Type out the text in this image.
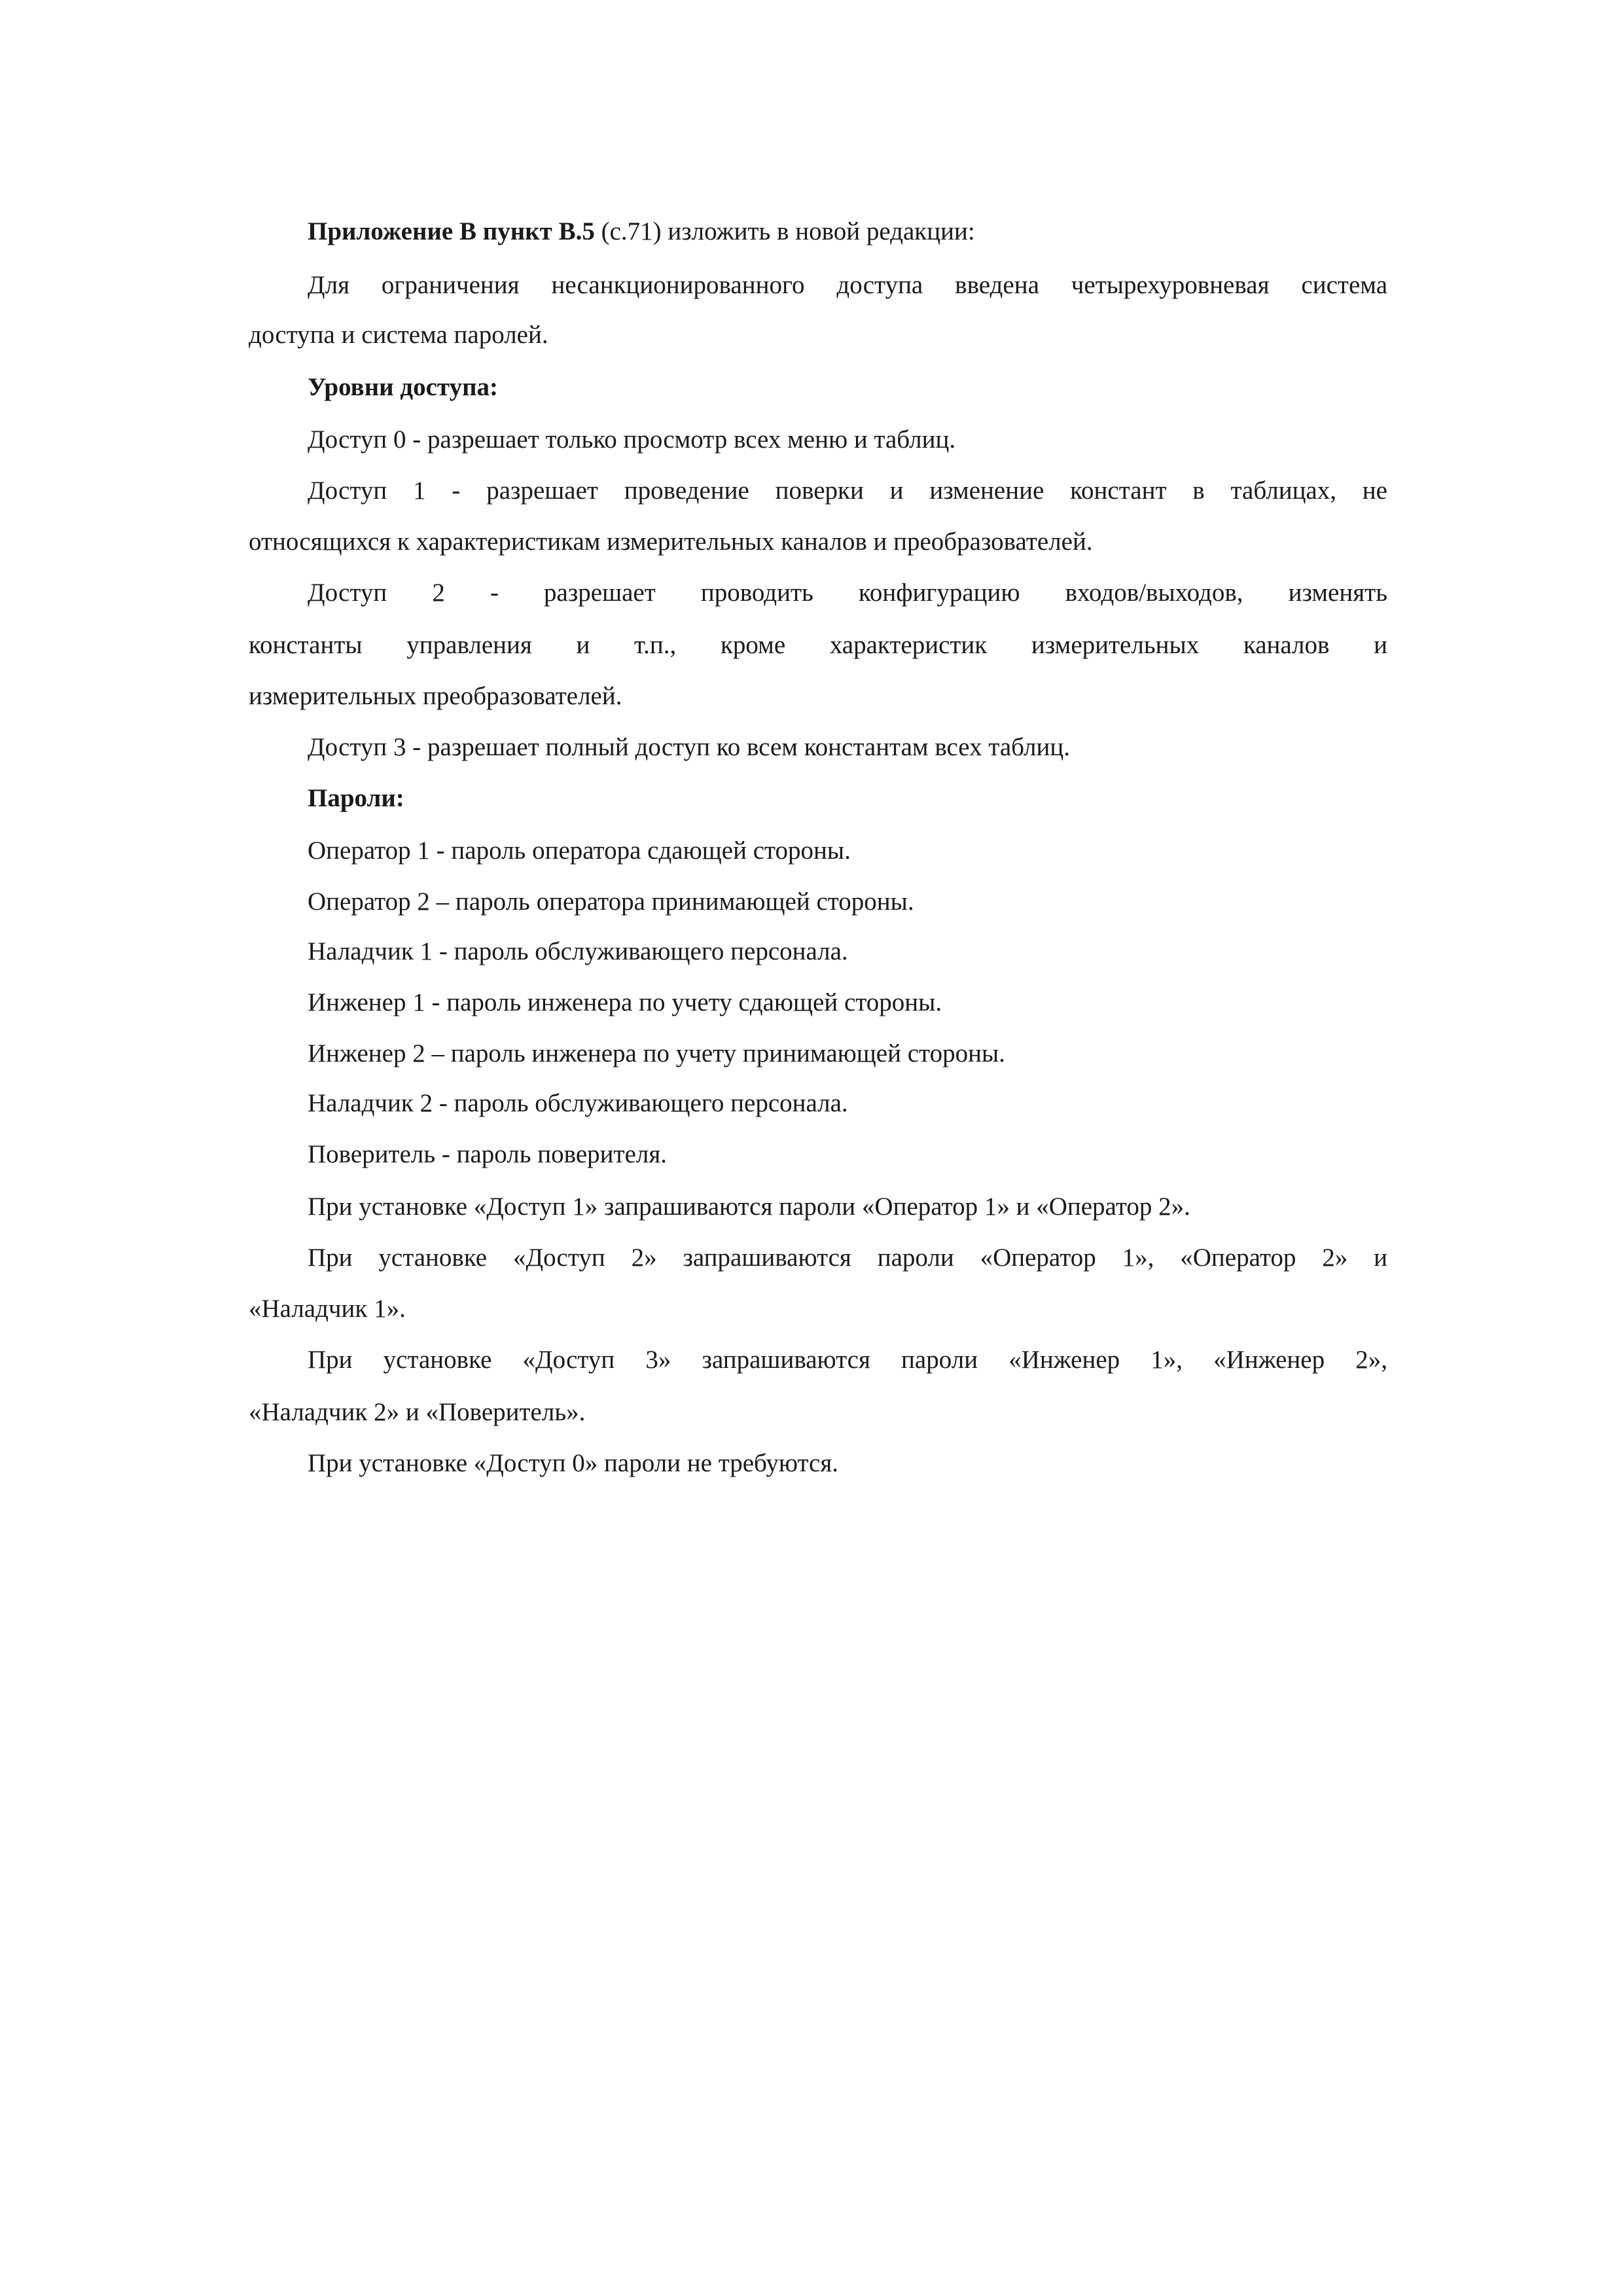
Приложение В пункт В.5 (с.71) изложить в новой редакции:
Для ограничения несанкционированного доступа введена четырехуровневая система
доступа и система паролей.
Уровни доступа:
Доступ 0 - разрешает только просмотр всех меню и таблиц.
Доступ 1 - разрешает проведение поверки и изменение констант в таблицах, не
относящихся к характеристикам измерительных каналов и преобразователей.
Доступ 2 - разрешает проводить конфигурацию входов/выходов, изменять
константы управления и т.п., кроме характеристик измерительных каналов и
измерительных преобразователей.
Доступ 3 - разрешает полный доступ ко всем константам всех таблиц.
Пароли:
Оператор 1 - пароль оператора сдающей стороны.
Оператор 2 – пароль оператора принимающей стороны.
Наладчик 1 - пароль обслуживающего персонала.
Инженер 1 - пароль инженера по учету сдающей стороны.
Инженер 2 – пароль инженера по учету принимающей стороны.
Наладчик 2 - пароль обслуживающего персонала.
Поверитель - пароль поверителя.
При установке «Доступ 1» запрашиваются пароли «Оператор 1» и «Оператор 2».
При установке «Доступ 2» запрашиваются пароли «Оператор 1», «Оператор 2» и
«Наладчик 1».
При установке «Доступ 3» запрашиваются пароли «Инженер 1», «Инженер 2»,
«Наладчик 2» и «Поверитель».
При установке «Доступ 0» пароли не требуются.
